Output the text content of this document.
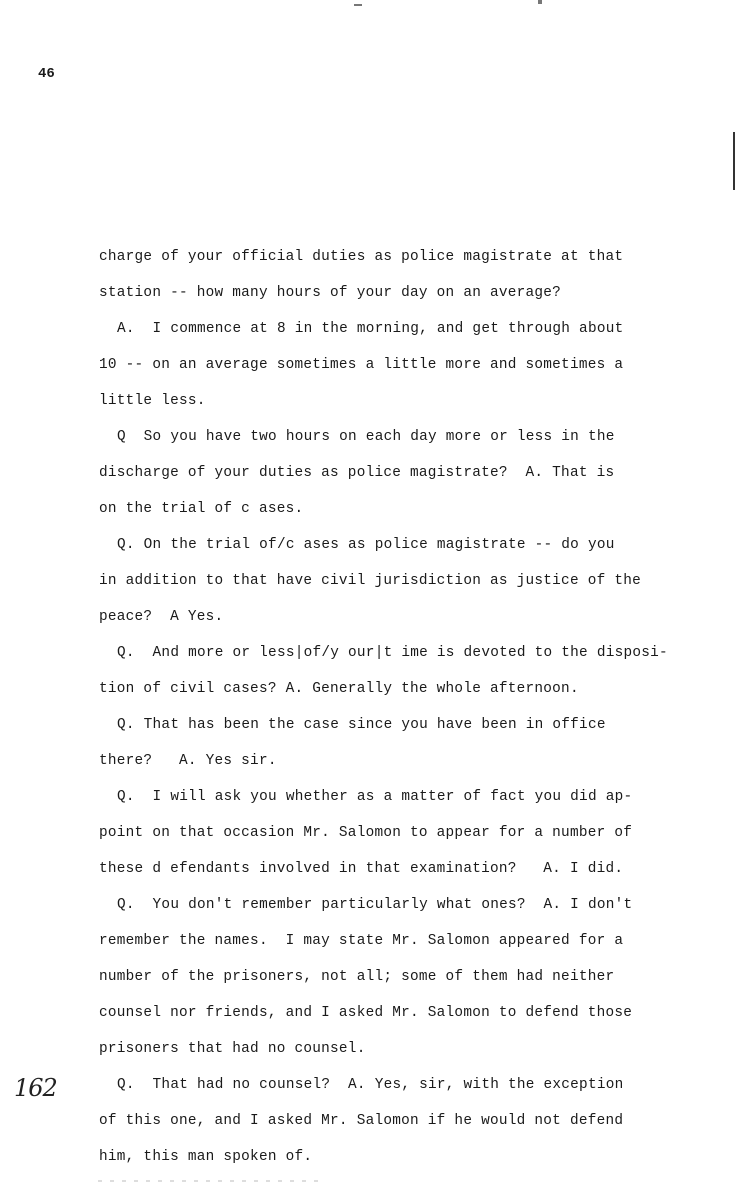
46
charge of your official duties as police magistrate at that
station -- how many hours of your day on an average?
A.  I commence at 8 in the morning, and get through about
10 -- on an average sometimes a little more and sometimes a
little less.
Q  So you have two hours on each day more or less in the
discharge of your duties as police magistrate?  A. That is
on the trial of c ases.
Q. On the trial of/c ases as police magistrate -- do you
in addition to that have civil jurisdiction as justice of the
peace?  A Yes.
Q.  And more or less|of/y our|t ime is devoted to the disposi-
tion of civil cases? A. Generally the whole afternoon.
Q. That has been the case since you have been in office
there?   A. Yes sir.
Q.  I will ask you whether as a matter of fact you did ap-
point on that occasion Mr. Salomon to appear for a number of
these d efendants involved in that examination?   A. I did.
Q.  You don't remember particularly what ones?  A. I don't
remember the names.  I may state Mr. Salomon appeared for a
number of the prisoners, not all; some of them had neither
counsel nor friends, and I asked Mr. Salomon to defend those
prisoners that had no counsel.
Q.  That had no counsel?  A. Yes, sir, with the exception
of this one, and I asked Mr. Salomon if he would not defend
him, this man spoken of.
162
